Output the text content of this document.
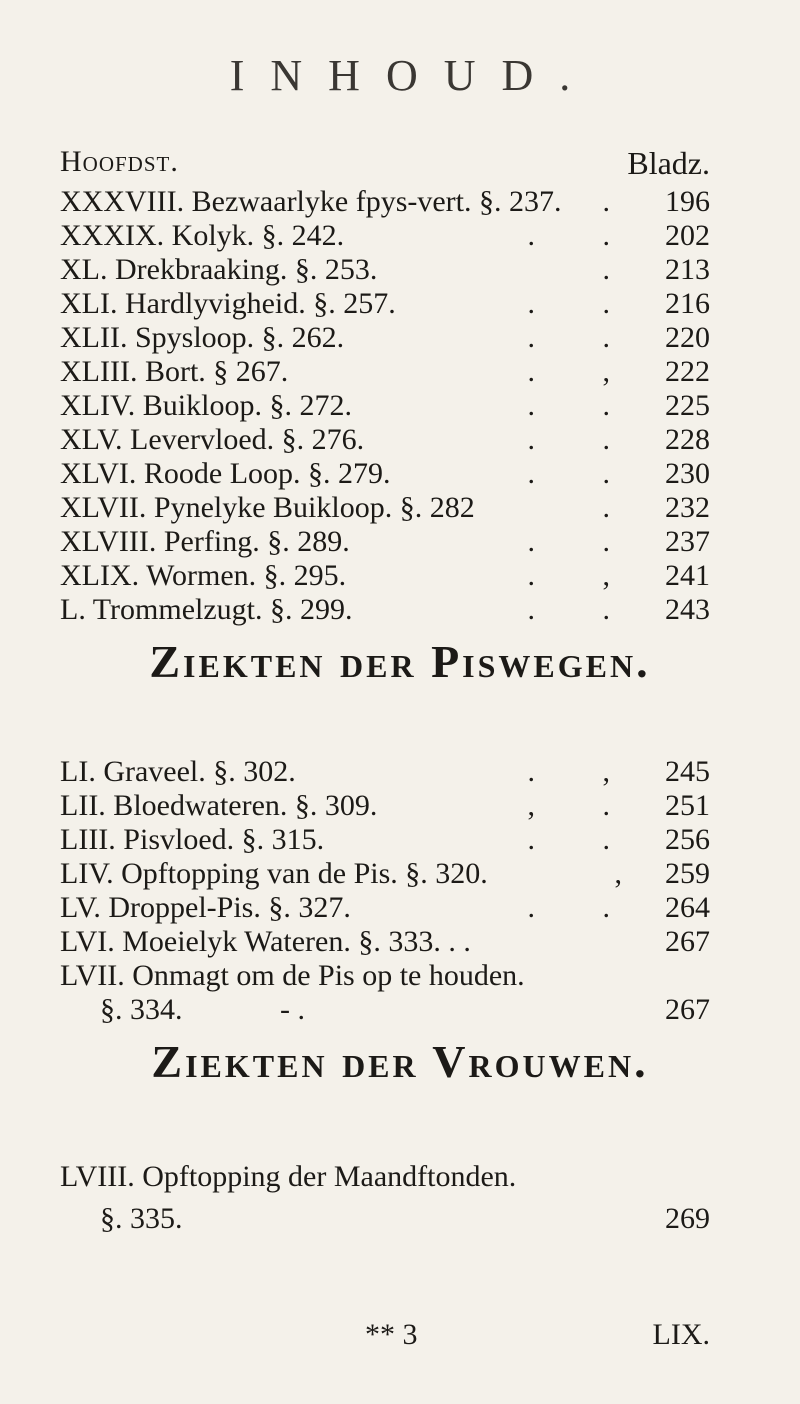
INHOUD.
Hoofdst.	Bladz.
XXXVIII. Bezwaarlyke fpys-vert. §. 237. . 196
XXXIX. Kolyk. §. 242.	. . 202
XL. Drekbraaking. §. 253.	. 213
XLI. Hardlyvigheid. §. 257.	. . 216
XLII. Spysloop. §. 262.	. . 220
XLIII. Bort. § 267.	. , 222
XLIV. Buikloop. §. 272.	. . 225
XLV. Levervloed. §. 276.	. . 228
XLVI. Roode Loop. §. 279.	. . 230
XLVII. Pynelyke Buikloop. §. 282	. 232
XLVIII. Perfing. §. 289.	. . 237
XLIX. Wormen. §. 295.	. , 241
L. Trommelzugt. §. 299.	. . 243
Ziekten der Piswegen.
LI. Graveel. §. 302.	. , 245
LII. Bloedwateren. §. 309.	, . 251
LIII. Pisvloed. §. 315.	. . 256
LIV. Opftopping van de Pis. §. 320.	, 259
LV. Droppel-Pis. §. 327.	. . 264
LVI. Moeielyk Wateren. §. 333. . .	267
LVII. Onmagt om de Pis op te houden.
§. 334.	- .	267
Ziekten der Vrouwen.
LVIII. Opftopping der Maandftonden.
§. 335.	269
** 3	LIX.
